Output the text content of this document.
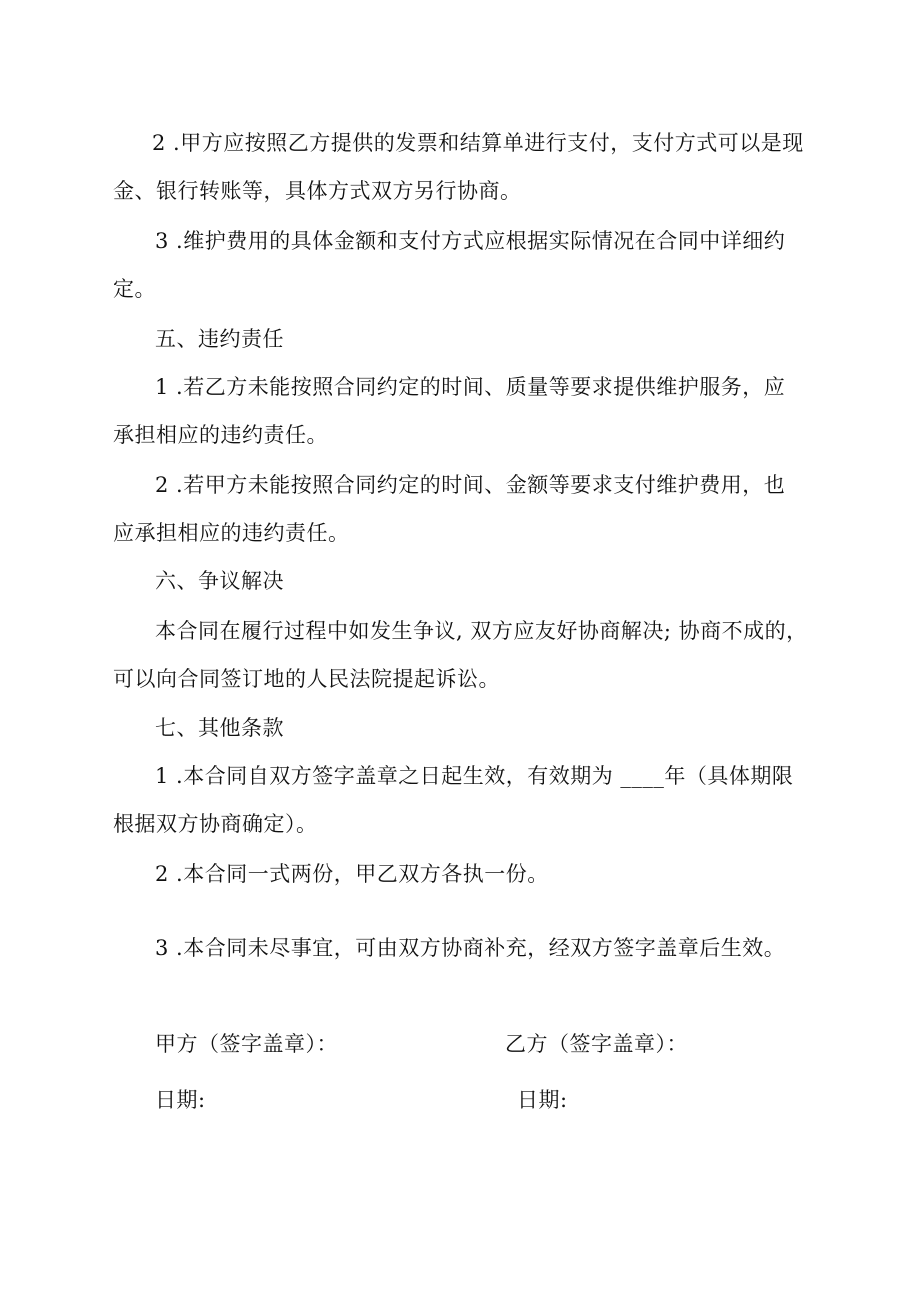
2 .甲方应按照乙方提供的发票和结算单进行支付，支付方式可以是现
金、银行转账等，具体方式双方另行协商。
3 .维护费用的具体金额和支付方式应根据实际情况在合同中详细约
定。
五、违约责任
1 .若乙方未能按照合同约定的时间、质量等要求提供维护服务，应
承担相应的违约责任。
2 .若甲方未能按照合同约定的时间、金额等要求支付维护费用，也
应承担相应的违约责任。
六、争议解决
本合同在履行过程中如发生争议, 双方应友好协商解决; 协商不成的，
可以向合同签订地的人民法院提起诉讼。
七、其他条款
1 .本合同自双方签字盖章之日起生效，有效期为 ____年（具体期限
根据双方协商确定）。
2 .本合同一式两份，甲乙双方各执一份。
3 .本合同未尽事宜，可由双方协商补充，经双方签字盖章后生效。
甲方（签字盖章）：	乙方（签字盖章）：
日期:	日期:
